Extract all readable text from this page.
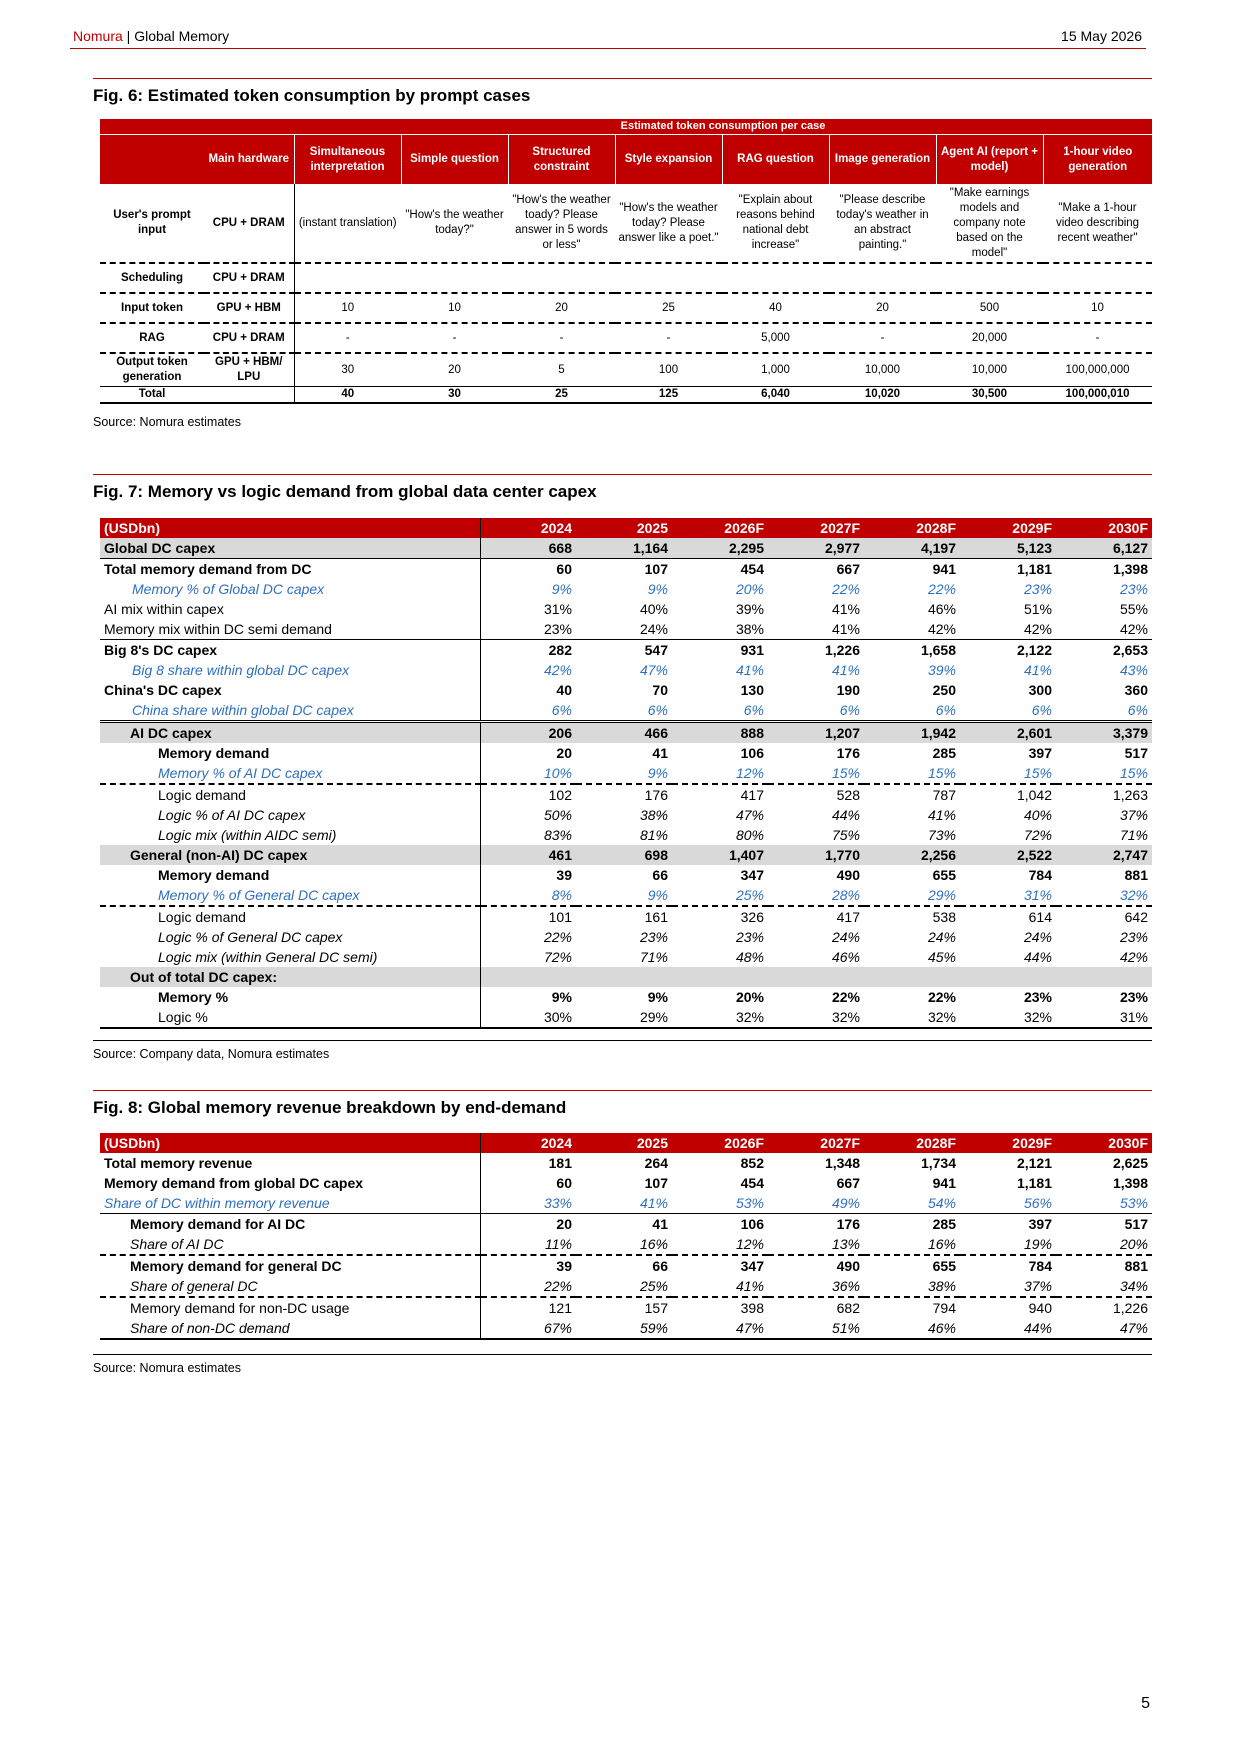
Nomura | Global Memory	15 May 2026
Fig. 6: Estimated token consumption by prompt cases
		Estimated token consumption per case							
	Main hardware	Simultaneous interpretation	Simple question	Structured constraint	Style expansion	RAG question	Image generation	Agent AI (report + model)	1-hour video generation
User's prompt input	CPU + DRAM	(instant translation)	"How's the weather today?"	"How's the weather toady? Please answer in 5 words or less"	"How's the weather today? Please answer like a poet."	"Explain about reasons behind national debt increase"	"Please describe today's weather in an abstract painting."	"Make earnings models and company note based on the model"	"Make a 1-hour video describing recent weather"
Scheduling	CPU + DRAM								
Input token	GPU + HBM	10	10	20	25	40	20	500	10
RAG	CPU + DRAM	-	-	-	-	5,000	-	20,000	-
Output token generation	GPU + HBM/ LPU	30	20	5	100	1,000	10,000	10,000	100,000,000
Total		40	30	25	125	6,040	10,020	30,500	100,000,010
Source: Nomura estimates
Fig. 7: Memory vs logic demand from global data center capex
(USDbn)	2024	2025	2026F	2027F	2028F	2029F	2030F
Global DC capex	668	1,164	2,295	2,977	4,197	5,123	6,127
Total memory demand from DC	60	107	454	667	941	1,181	1,398
Memory % of Global DC capex	9%	9%	20%	22%	22%	23%	23%
AI mix within capex	31%	40%	39%	41%	46%	51%	55%
Memory mix within DC semi demand	23%	24%	38%	41%	42%	42%	42%
Big 8's DC capex	282	547	931	1,226	1,658	2,122	2,653
Big 8 share within global DC capex	42%	47%	41%	41%	39%	41%	43%
China's DC capex	40	70	130	190	250	300	360
China share within global DC capex	6%	6%	6%	6%	6%	6%	6%
AI DC capex	206	466	888	1,207	1,942	2,601	3,379
Memory demand	20	41	106	176	285	397	517
Memory % of AI DC capex	10%	9%	12%	15%	15%	15%	15%
Logic demand	102	176	417	528	787	1,042	1,263
Logic % of AI DC capex	50%	38%	47%	44%	41%	40%	37%
Logic mix (within AIDC semi)	83%	81%	80%	75%	73%	72%	71%
General (non-AI) DC capex	461	698	1,407	1,770	2,256	2,522	2,747
Memory demand	39	66	347	490	655	784	881
Memory % of General DC capex	8%	9%	25%	28%	29%	31%	32%
Logic demand	101	161	326	417	538	614	642
Logic % of General DC capex	22%	23%	23%	24%	24%	24%	23%
Logic mix (within General DC semi)	72%	71%	48%	46%	45%	44%	42%
Out of total DC capex:							
Memory %	9%	9%	20%	22%	22%	23%	23%
Logic %	30%	29%	32%	32%	32%	32%	31%
Source: Company data, Nomura estimates
Fig. 8: Global memory revenue breakdown by end-demand
(USDbn)	2024	2025	2026F	2027F	2028F	2029F	2030F
Total memory revenue	181	264	852	1,348	1,734	2,121	2,625
Memory demand from global DC capex	60	107	454	667	941	1,181	1,398
Share of DC within memory revenue	33%	41%	53%	49%	54%	56%	53%
Memory demand for AI DC	20	41	106	176	285	397	517
Share of AI DC	11%	16%	12%	13%	16%	19%	20%
Memory demand for general DC	39	66	347	490	655	784	881
Share of general DC	22%	25%	41%	36%	38%	37%	34%
Memory demand for non-DC usage	121	157	398	682	794	940	1,226
Share of non-DC demand	67%	59%	47%	51%	46%	44%	47%
Source: Nomura estimates
5
